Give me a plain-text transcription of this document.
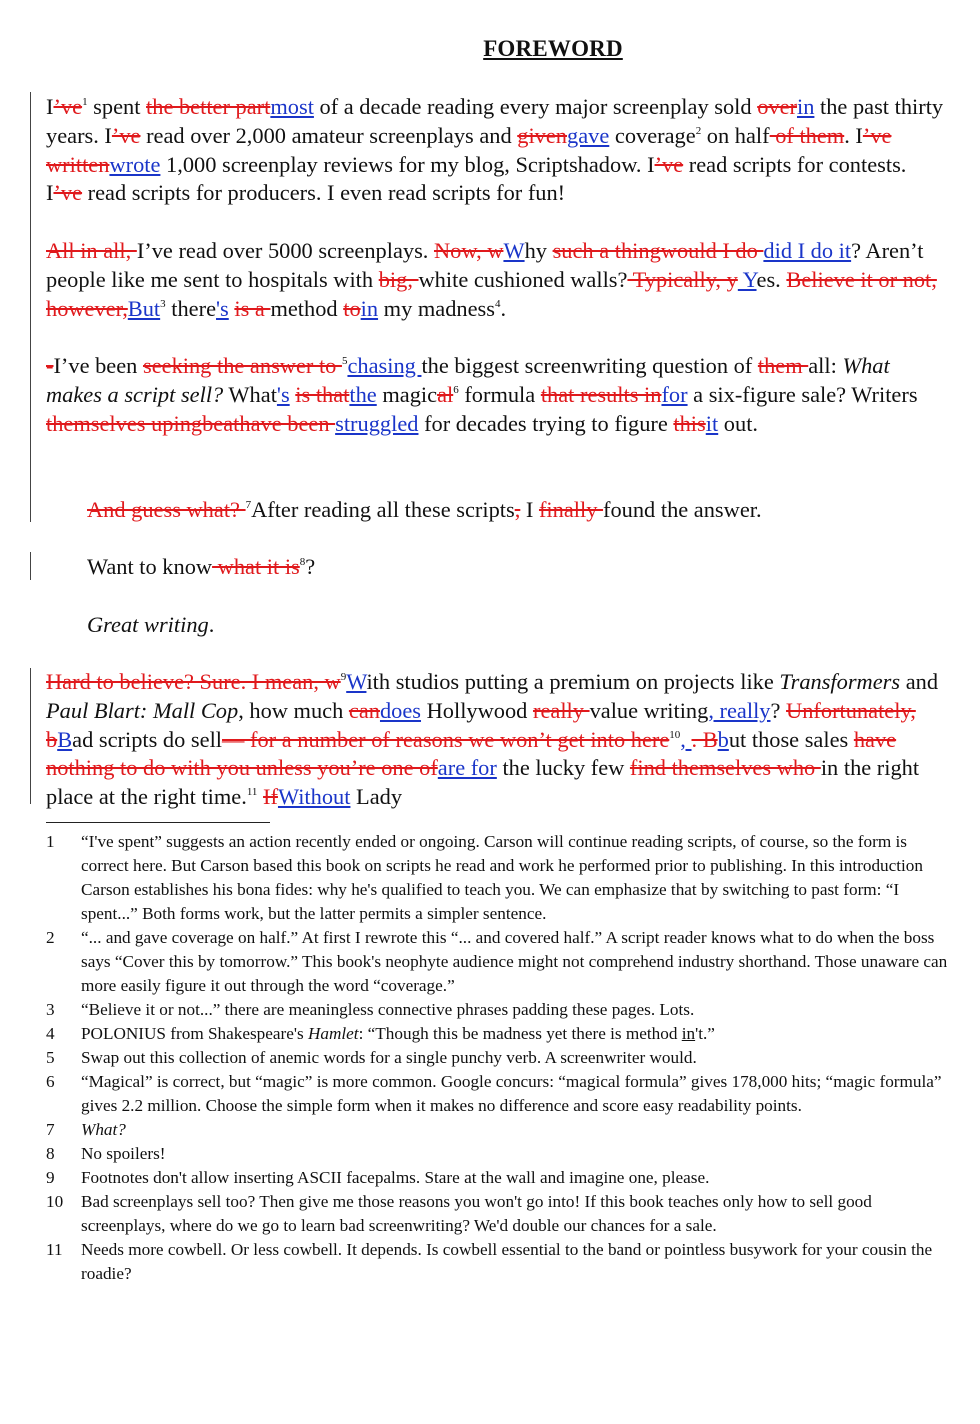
FOREWORD

$I’ve^1$ spent the better partmost of a decade reading every major screenplay sold overin the past thirty years. I’ve read over 2,000 amateur screenplays and givengave coverage$^2$ on half of them. I’ve writtenwrote 1,000 screenplay reviews for my blog, Scriptshadow. I’ve read scripts for contests. I’ve read scripts for producers. I even read scripts for fun!

All in all, I’ve read over 5000 screenplays. Now, wWhy such a thingwould I do did I do it? Aren’t people like me sent to hospitals with big, white cushioned walls? Typically, y Yes. Believe it or not, however,But$^3$ there's is a method toin my madness$^4$.

-I’ve been seeking the answer to $^5$chasing the biggest screenwriting question of them all: What makes a script sell? What's is thatthe magical$^6$ formula that results infor a six-figure sale? Writers themselves upingbeathave been struggled for decades trying to figure thisit out.

And guess what? $^7$After reading all these scripts, I finally found the answer.

Want to know what it $is^8$?

Great writing.

Hard to believe? Sure. I mean, $w^9With$ studios putting a premium on projects like Transformers and Paul Blart: Mall Cop, how much candoes Hollywood really value writing, really? Unfortunately, bBad scripts do sell— for a number of reasons we won’t get into here$^{10}$, . Bbut those sales have nothing to do with you unless you’re one ofare for the lucky few find themselves who in the right place at the right time.$^{11}$ IfWithout Lady

1 “I've spent” suggests an action recently ended or ongoing. Carson will continue reading scripts, of course, so the form is correct here. But Carson based this book on scripts he read and work he performed prior to publishing. In this introduction Carson establishes his bona fides: why he's qualified to teach you. We can emphasize that by switching to past form: “I spent...” Both forms work, but the latter permits a simpler sentence.
2 “... and gave coverage on half.” At first I rewrote this “... and covered half.” A script reader knows what to do when the boss says “Cover this by tomorrow.” This book's neophyte audience might not comprehend industry shorthand. Those unaware can more easily figure it out through the word “coverage.”
3 “Believe it or not...” there are meaningless connective phrases padding these pages. Lots.
4 POLONIUS from Shakespeare's Hamlet: “Though this be madness yet there is method in't.”
5 Swap out this collection of anemic words for a single punchy verb. A screenwriter would.
6 “Magical” is correct, but “magic” is more common. Google concurs: “magical formula” gives 178,000 hits; “magic formula” gives 2.2 million. Choose the simple form when it makes no difference and score easy readability points.
7 What?
8 No spoilers!
9 Footnotes don't allow inserting ASCII facepalms. Stare at the wall and imagine one, please.
10 Bad screenplays sell too? Then give me those reasons you won't go into! If this book teaches only how to sell good screenplays, where do we go to learn bad screenwriting? We'd double our chances for a sale.
11 Needs more cowbell. Or less cowbell. It depends. Is cowbell essential to the band or pointless busywork for your cousin the roadie?
